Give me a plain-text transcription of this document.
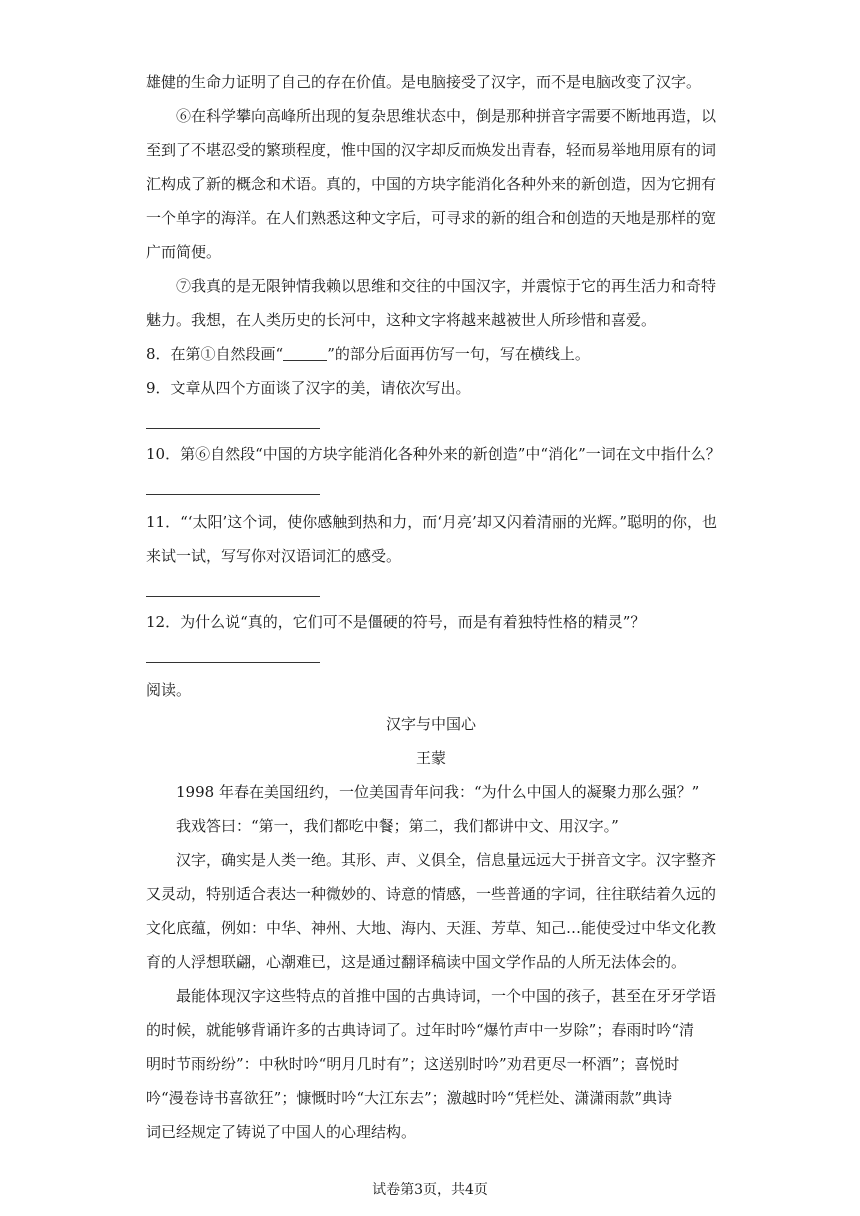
雄健的生命力证明了自己的存在价值。是电脑接受了汉字，而不是电脑改变了汉字。

⑥在科学攀向高峰所出现的复杂思维状态中，倒是那种拼音字需要不断地再造，以

至到了不堪忍受的繁琐程度，惟中国的汉字却反而焕发出青春，轻而易举地用原有的词

汇构成了新的概念和术语。真的，中国的方块字能消化各种外来的新创造，因为它拥有

一个单字的海洋。在人们熟悉这种文字后，可寻求的新的组合和创造的天地是那样的宽

广而简便。

⑦我真的是无限钟情我赖以思维和交往的中国汉字，并震惊于它的再生活力和奇特

魅力。我想，在人类历史的长河中，这种文字将越来越被世人所珍惜和喜爱。

8．在第①自然段画“	”的部分后面再仿写一句，写在横线上。

9．文章从四个方面谈了汉字的美，请依次写出。

10．第⑥自然段“中国的方块字能消化各种外来的新创造”中“消化”一词在文中指什么？

11．“‘太阳’这个词，使你感触到热和力，而‘月亮’却又闪着清丽的光辉。”聪明的你，也

来试一试，写写你对汉语词汇的感受。

12．为什么说“真的，它们可不是僵硬的符号，而是有着独特性格的精灵”？

阅读。

汉字与中国心

王蒙

1998 年春在美国纽约，一位美国青年问我：“为什么中国人的凝聚力那么强？”

我戏答曰：“第一，我们都吃中餐；第二，我们都讲中文、用汉字。”

汉字，确实是人类一绝。其形、声、义俱全，信息量远远大于拼音文字。汉字整齐

又灵动，特别适合表达一种微妙的、诗意的情感，一些普通的字词，往往联结着久远的

文化底蕴，例如：中华、神州、大地、海内、天涯、芳草、知己…能使受过中华文化教

育的人浮想联翩，心潮难已，这是通过翻译稿读中国文学作品的人所无法体会的。

最能体现汉字这些特点的首推中国的古典诗词，一个中国的孩子，甚至在牙牙学语

的时候，就能够背诵许多的古典诗词了。过年时吟“爆竹声中一岁除”；春雨时吟“清

明时节雨纷纷”：中秋时吟“明月几时有”；这送别时吟”劝君更尽一杯酒”；喜悦时

吟“漫卷诗书喜欲狂”；慷慨时吟“大江东去”；激越时吟“凭栏处、潇潇雨款”典诗

词已经规定了铸说了中国人的心理结构。

试卷第3页，共4页
